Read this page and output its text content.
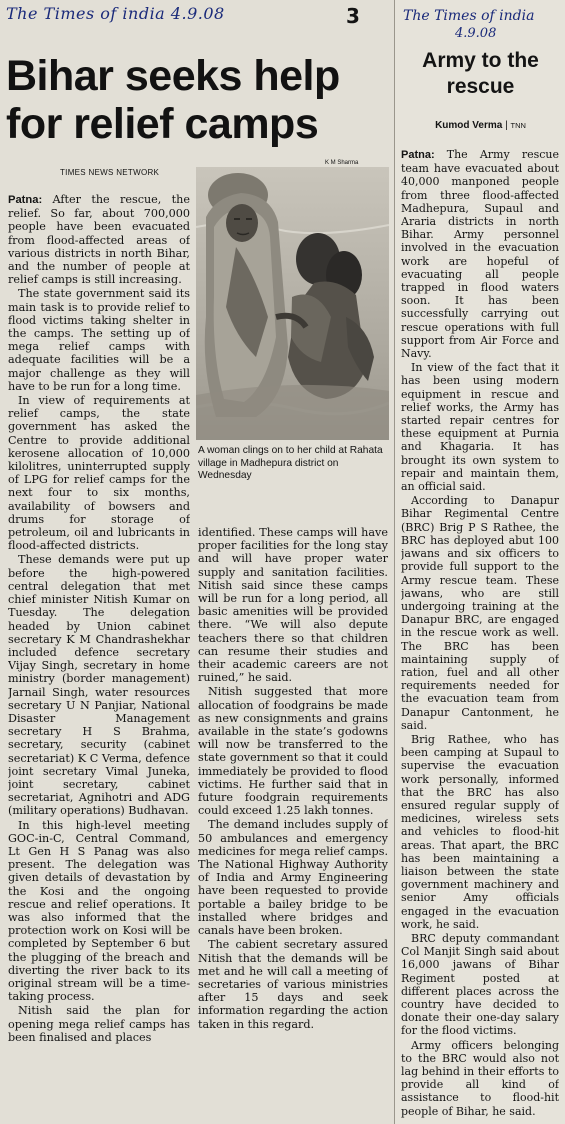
The Times of india 4.9.08	3
Bihar seeks help for relief camps
TIMES NEWS NETWORK
K M Sharma

Patna: After the rescue, the relief. So far, about 700,000 people have been evacuated from flood-affected areas of various districts in north Bihar, and the number of people at relief camps is still increasing.

The state government said its main task is to provide relief to flood victims taking shelter in the camps. The setting up of mega relief camps with adequate facilities will be a major challenge as they will have to be run for a long time.

In view of requirements at relief camps, the state government has asked the Centre to provide additional kerosene allocation of 10,000 kilolitres, uninterrupted supply of LPG for relief camps for the next four to six months, availability of bowsers and drums for storage of petroleum, oil and lubricants in flood-affected districts.

These demands were put up before the high-powered central delegation that met chief minister Nitish Kumar on Tuesday. The delegation headed by Union cabinet secretary K M Chandrashekhar included defence secretary Vijay Singh, secretary in home ministry (border management) Jarnail Singh, water resources secretary U N Panjiar, National Disaster Management secretary H S Brahma, secretary, security (cabinet secretariat) K C Verma, defence joint secretary Vimal Juneka, joint secretary, cabinet secretariat, Agnihotri and ADG (military operations) Budhavan.

In this high-level meeting GOC-in-C, Central Command, Lt Gen H S Panag was also present. The delegation was given details of devastation by the Kosi and the ongoing rescue and relief operations. It was also informed that the protection work on Kosi will be completed by September 6 but the plugging of the breach and diverting the river back to its original stream will be a time-taking process.

Nitish said the plan for opening mega relief camps has been finalised and places

A woman clings on to her child at Rahata village in Madhepura district on Wednesday

identified. These camps will have proper facilities for the long stay and will have proper water supply and sanitation facilities. Nitish said since these camps will be run for a long period, all basic amenities will be provided there. “We will also depute teachers there so that children can resume their studies and their academic careers are not ruined,” he said.

Nitish suggested that more allocation of foodgrains be made as new consignments and grains available in the state’s godowns will now be transferred to the state government so that it could immediately be provided to flood victims. He further said that in future foodgrain requirements could exceed 1.25 lakh tonnes.

The demand includes supply of 50 ambulances and emergency medicines for mega relief camps. The National Highway Authority of India and Army Engineering have been requested to provide portable a bailey bridge to be installed where bridges and canals have been broken.

The cabient secretary assured Nitish that the demands will be met and he will call a meeting of secretaries of various ministries after 15 days and seek information regarding the action taken in this regard.

The Times of india
4.9.08
Army to the rescue
Kumod Verma | TNN

Patna: The Army rescue team have evacuated about 40,000 manponed people from three flood-affected Madhepura, Supaul and Araria districts in north Bihar. Army personnel involved in the evacuation work are hopeful of evacuating all people trapped in flood waters soon. It has been successfully carrying out rescue operations with full support from Air Force and Navy.

In view of the fact that it has been using modern equipment in rescue and relief works, the Army has started repair centres for these equipment at Purnia and Khagaria. It has brought its own system to repair and maintain them, an official said.

According to Danapur Bihar Regimental Centre (BRC) Brig P S Rathee, the BRC has deployed abut 100 jawans and six officers to provide full support to the Army rescue team. These jawans, who are still undergoing training at the Danapur BRC, are engaged in the rescue work as well. The BRC has been maintaining supply of ration, fuel and all other requirements needed for the evacuation team from Danapur Cantonment, he said.

Brig Rathee, who has been camping at Supaul to supervise the evacuation work personally, informed that the BRC has also ensured regular supply of medicines, wireless sets and vehicles to flood-hit areas. That apart, the BRC has been maintaining a liaison between the state government machinery and senior Amy officials engaged in the evacuation work, he said.

BRC deputy commandant Col Manjit Singh said about 16,000 jawans of Bihar Regiment posted at different places across the country have decided to donate their one-day salary for the flood victims.

Army officers belonging to the BRC would also not lag behind in their efforts to provide all kind of assistance to flood-hit people of Bihar, he said.
